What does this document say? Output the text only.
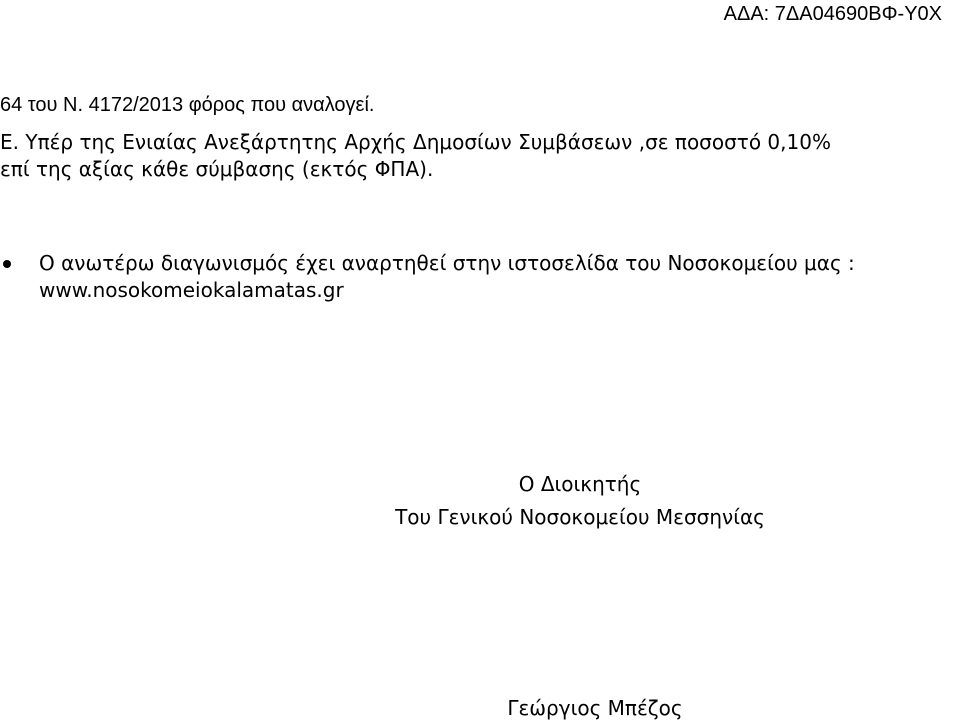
ΑΔΑ: 7ΔΑ04690ΒΦ-Υ0Χ
64 του Ν. 4172/2013 φόρος που αναλογεί.
Ε. Υπέρ της Ενιαίας Ανεξάρτητης Αρχής Δημοσίων Συμβάσεων ,σε ποσοστό 0,10%
επί της αξίας κάθε σύμβασης (εκτός ΦΠΑ).
Ο ανωτέρω διαγωνισμός έχει αναρτηθεί στην ιστοσελίδα του Νοσοκομείου μας :
www.nosokomeiokalamatas.gr
Ο Διοικητής
Του Γενικού Νοσοκομείου Μεσσηνίας
Γεώργιος Μπέζος
